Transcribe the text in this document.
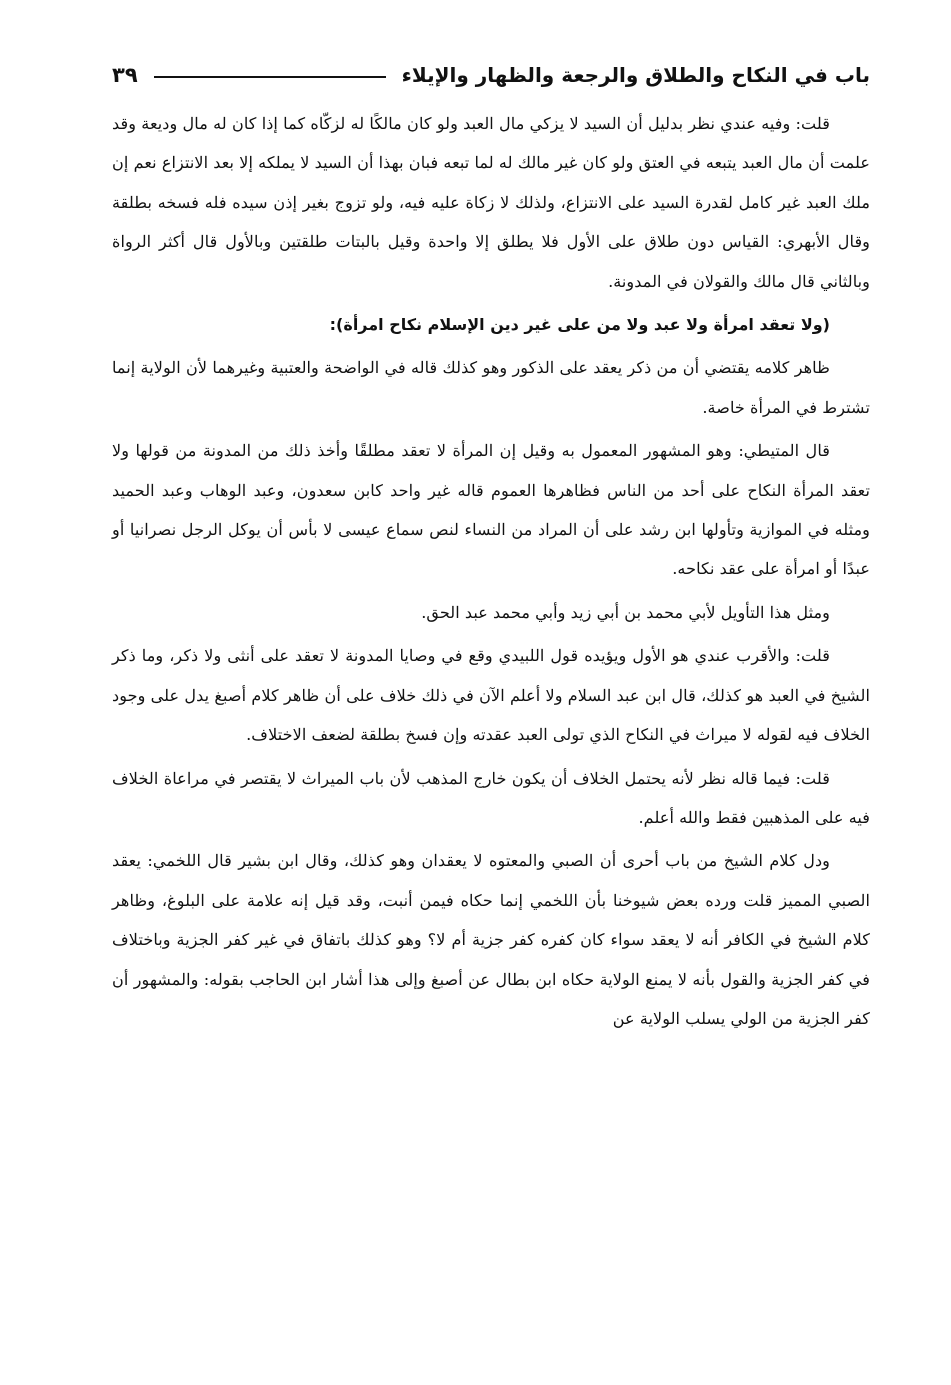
باب في النكاح والطلاق والرجعة والظهار والإيلاء
٣٩

قلت: وفيه عندي نظر بدليل أن السيد لا يزكي مال العبد ولو كان مالكًا له لزكّاه كما إذا كان له مال وديعة وقد علمت أن مال العبد يتبعه في العتق ولو كان غير مالك له لما تبعه فبان بهذا أن السيد لا يملكه إلا بعد الانتزاع نعم إن ملك العبد غير كامل لقدرة السيد على الانتزاع، ولذلك لا زكاة عليه فيه، ولو تزوج بغير إذن سيده فله فسخه بطلقة وقال الأبهري: القياس دون طلاق على الأول فلا يطلق إلا واحدة وقيل بالبتات طلقتين وبالأول قال أكثر الرواة وبالثاني قال مالك والقولان في المدونة.

(ولا تعقد امرأة ولا عبد ولا من على غير دين الإسلام نكاح امرأة):

ظاهر كلامه يقتضي أن من ذكر يعقد على الذكور وهو كذلك قاله في الواضحة والعتبية وغيرهما لأن الولاية إنما تشترط في المرأة خاصة.

قال المتيطي: وهو المشهور المعمول به وقيل إن المرأة لا تعقد مطلقًا وأخذ ذلك من المدونة من قولها ولا تعقد المرأة النكاح على أحد من الناس فظاهرها العموم قاله غير واحد كابن سعدون، وعبد الوهاب وعبد الحميد ومثله في الموازية وتأولها ابن رشد على أن المراد من النساء لنص سماع عيسى لا بأس أن يوكل الرجل نصرانيا أو عبدًا أو امرأة على عقد نكاحه.

ومثل هذا التأويل لأبي محمد بن أبي زيد وأبي محمد عبد الحق.

قلت: والأقرب عندي هو الأول ويؤيده قول اللبيدي وقع في وصايا المدونة لا تعقد على أنثى ولا ذكر، وما ذكر الشيخ في العبد هو كذلك، قال ابن عبد السلام ولا أعلم الآن في ذلك خلاف على أن ظاهر كلام أصبغ يدل على وجود الخلاف فيه لقوله لا ميراث في النكاح الذي تولى العبد عقدته وإن فسخ بطلقة لضعف الاختلاف.

قلت: فيما قاله نظر لأنه يحتمل الخلاف أن يكون خارج المذهب لأن باب الميراث لا يقتصر في مراعاة الخلاف فيه على المذهبين فقط والله أعلم.

ودل كلام الشيخ من باب أحرى أن الصبي والمعتوه لا يعقدان وهو كذلك، وقال ابن بشير قال اللخمي: يعقد الصبي المميز قلت ورده بعض شيوخنا بأن اللخمي إنما حكاه فيمن أنبت، وقد قيل إنه علامة على البلوغ، وظاهر كلام الشيخ في الكافر أنه لا يعقد سواء كان كفره كفر جزية أم لا؟ وهو كذلك باتفاق في غير كفر الجزية وباختلاف في كفر الجزية والقول بأنه لا يمنع الولاية حكاه ابن بطال عن أصبغ وإلى هذا أشار ابن الحاجب بقوله: والمشهور أن كفر الجزية من الولي يسلب الولاية عن
